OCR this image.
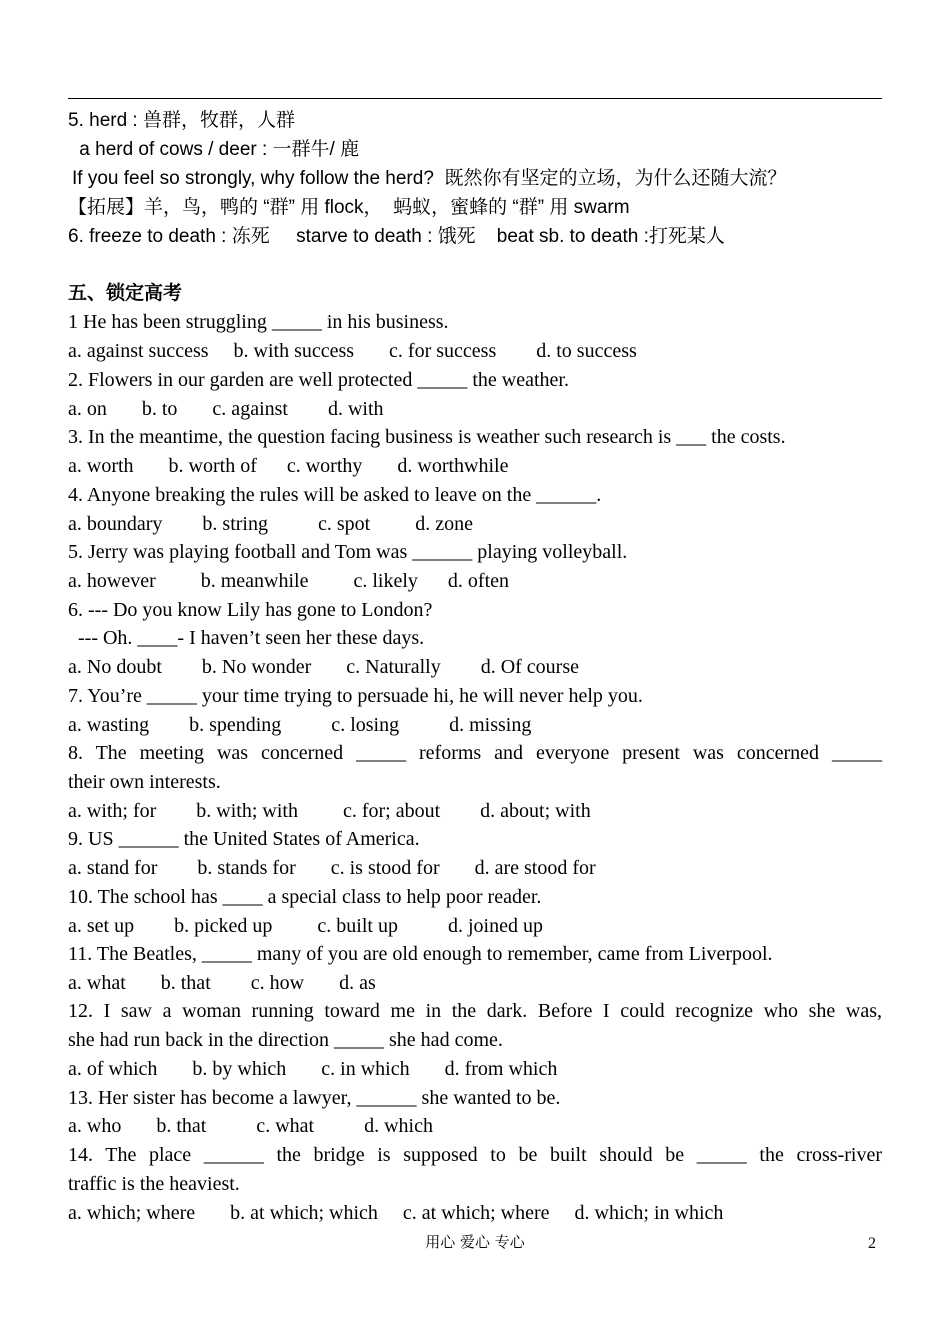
5. herd : 兽群，牧群，人群
a herd of cows / deer : 一群牛/ 鹿
If you feel so strongly, why follow the herd?  既然你有坚定的立场，为什么还随大流？
【拓展】羊，鸟，鸭的 “群” 用 flock，  蚂蚁，蜜蜂的 “群” 用 swarm
6. freeze to death : 冻死     starve to death : 饿死    beat sb. to death :打死某人
五、锁定高考
1 He has been struggling _____ in his business.
a. against success     b. with success       c. for success        d. to success
2. Flowers in our garden are well protected _____ the weather.
a. on       b. to       c. against        d. with
3. In the meantime, the question facing business is weather such research is ___ the costs.
a. worth       b. worth of      c. worthy       d. worthwhile
4. Anyone breaking the rules will be asked to leave on the ______.
a. boundary        b. string          c. spot         d. zone
5. Jerry was playing football and Tom was ______ playing volleyball.
a. however         b. meanwhile         c. likely      d. often
6. --- Do you know Lily has gone to London?
--- Oh. ____- I haven’t seen her these days.
a. No doubt        b. No wonder       c. Naturally        d. Of course
7. You’re _____ your time trying to persuade hi, he will never help you.
a. wasting        b. spending          c. losing          d. missing
8. The meeting was concerned _____ reforms and everyone present was concerned _____
their own interests.
a. with; for        b. with; with         c. for; about        d. about; with
9. US ______ the United States of America.
a. stand for        b. stands for       c. is stood for       d. are stood for
10. The school has ____ a special class to help poor reader.
a. set up        b. picked up         c. built up          d. joined up
11. The Beatles, _____ many of you are old enough to remember, came from Liverpool.
a. what       b. that        c. how       d. as
12. I saw a woman running toward me in the dark. Before I could recognize who she was,
she had run back in the direction _____ she had come.
a. of which       b. by which       c. in which       d. from which
13. Her sister has become a lawyer, ______ she wanted to be.
a. who       b. that          c. what          d. which
14. The place ______ the bridge is supposed to be built should be _____ the cross-river
traffic is the heaviest.
a. which; where       b. at which; which     c. at which; where     d. which; in which
用心 爱心 专心	2
